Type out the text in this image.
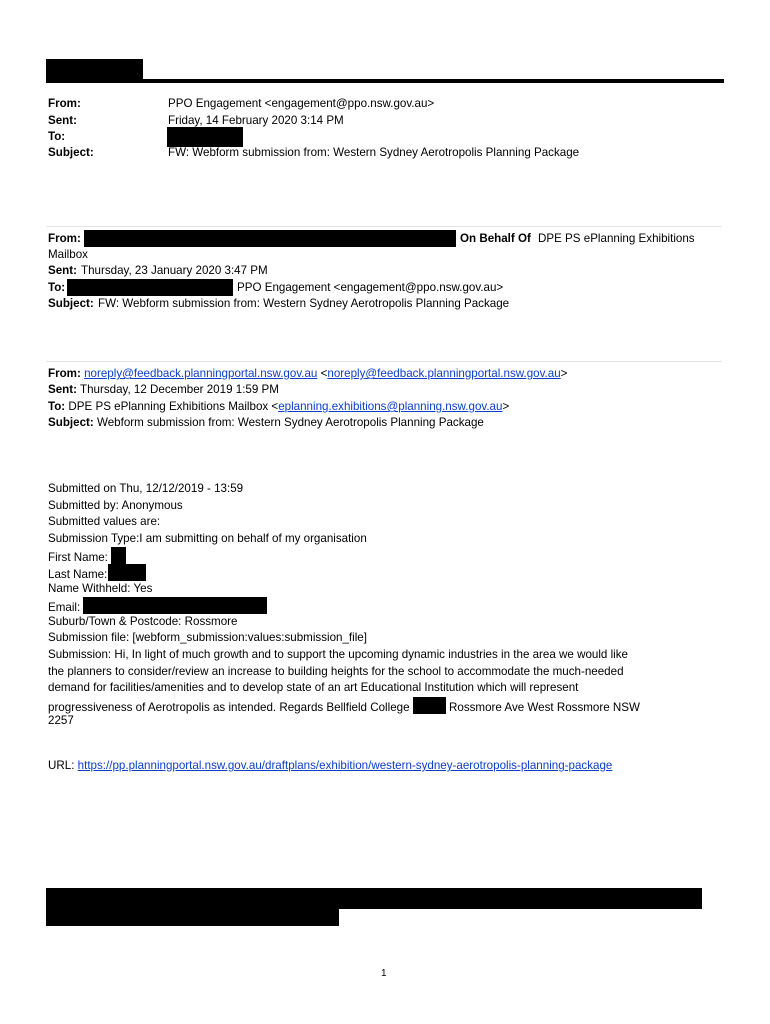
From:	PPO Engagement <engagement@ppo.nsw.gov.au>
Sent:	Friday, 14 February 2020 3:14 PM
To:
Subject:	FW: Webform submission from: Western Sydney Aerotropolis Planning Package
From:	On Behalf Of DPE PS ePlanning Exhibitions
Mailbox
Sent: Thursday, 23 January 2020 3:47 PM
To:	PPO Engagement <engagement@ppo.nsw.gov.au>
Subject: FW: Webform submission from: Western Sydney Aerotropolis Planning Package
From: noreply@feedback.planningportal.nsw.gov.au <noreply@feedback.planningportal.nsw.gov.au>
Sent: Thursday, 12 December 2019 1:59 PM
To: DPE PS ePlanning Exhibitions Mailbox <eplanning.exhibitions@planning.nsw.gov.au>
Subject: Webform submission from: Western Sydney Aerotropolis Planning Package
Submitted on Thu, 12/12/2019 - 13:59
Submitted by: Anonymous
Submitted values are:
Submission Type:I am submitting on behalf of my organisation
First Name:
Last Name:
Name Withheld: Yes
Email:
Suburb/Town & Postcode: Rossmore
Submission file: [webform_submission:values:submission_file]
Submission: Hi, In light of much growth and to support the upcoming dynamic industries in the area we would like
the planners to consider/review an increase to building heights for the school to accommodate the much-needed
demand for facilities/amenities and to develop state of an art Educational Institution which will represent
progressiveness of Aerotropolis as intended. Regards Bellfield College	Rossmore Ave West Rossmore NSW
2257
URL: https://pp.planningportal.nsw.gov.au/draftplans/exhibition/western-sydney-aerotropolis-planning-package
1
